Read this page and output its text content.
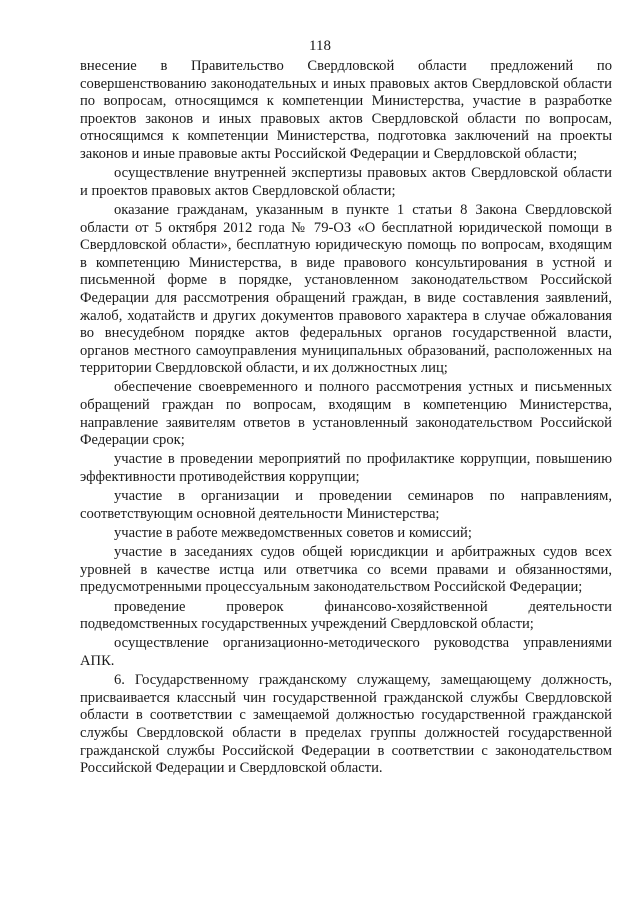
118

внесение в Правительство Свердловской области предложений по совершенствованию законодательных и иных правовых актов Свердловской области по вопросам, относящимся к компетенции Министерства, участие в разработке проектов законов и иных правовых актов Свердловской области по вопросам, относящимся к компетенции Министерства, подготовка заключений на проекты законов и иные правовые акты Российской Федерации и Свердловской области;

осуществление внутренней экспертизы правовых актов Свердловской области и проектов правовых актов Свердловской области;

оказание гражданам, указанным в пункте 1 статьи 8 Закона Свердловской области от 5 октября 2012 года № 79-ОЗ «О бесплатной юридической помощи в Свердловской области», бесплатную юридическую помощь по вопросам, входящим в компетенцию Министерства, в виде правового консультирования в устной и письменной форме в порядке, установленном законодательством Российской Федерации для рассмотрения обращений граждан, в виде составления заявлений, жалоб, ходатайств и других документов правового характера в случае обжалования во внесудебном порядке актов федеральных органов государственной власти, органов местного самоуправления муниципальных образований, расположенных на территории Свердловской области, и их должностных лиц;

обеспечение своевременного и полного рассмотрения устных и письменных обращений граждан по вопросам, входящим в компетенцию Министерства, направление заявителям ответов в установленный законодательством Российской Федерации срок;

участие в проведении мероприятий по профилактике коррупции, повышению эффективности противодействия коррупции;

участие в организации и проведении семинаров по направлениям, соответствующим основной деятельности Министерства;

участие в работе межведомственных советов и комиссий;

участие в заседаниях судов общей юрисдикции и арбитражных судов всех уровней в качестве истца или ответчика со всеми правами и обязанностями, предусмотренными процессуальным законодательством Российской Федерации;

проведение проверок финансово-хозяйственной деятельности подведомственных государственных учреждений Свердловской области;

осуществление организационно-методического руководства управлениями АПК.

6. Государственному гражданскому служащему, замещающему должность, присваивается классный чин государственной гражданской службы Свердловской области в соответствии с замещаемой должностью государственной гражданской службы Свердловской области в пределах группы должностей государственной гражданской службы Российской Федерации в соответствии с законодательством Российской Федерации и Свердловской области.
